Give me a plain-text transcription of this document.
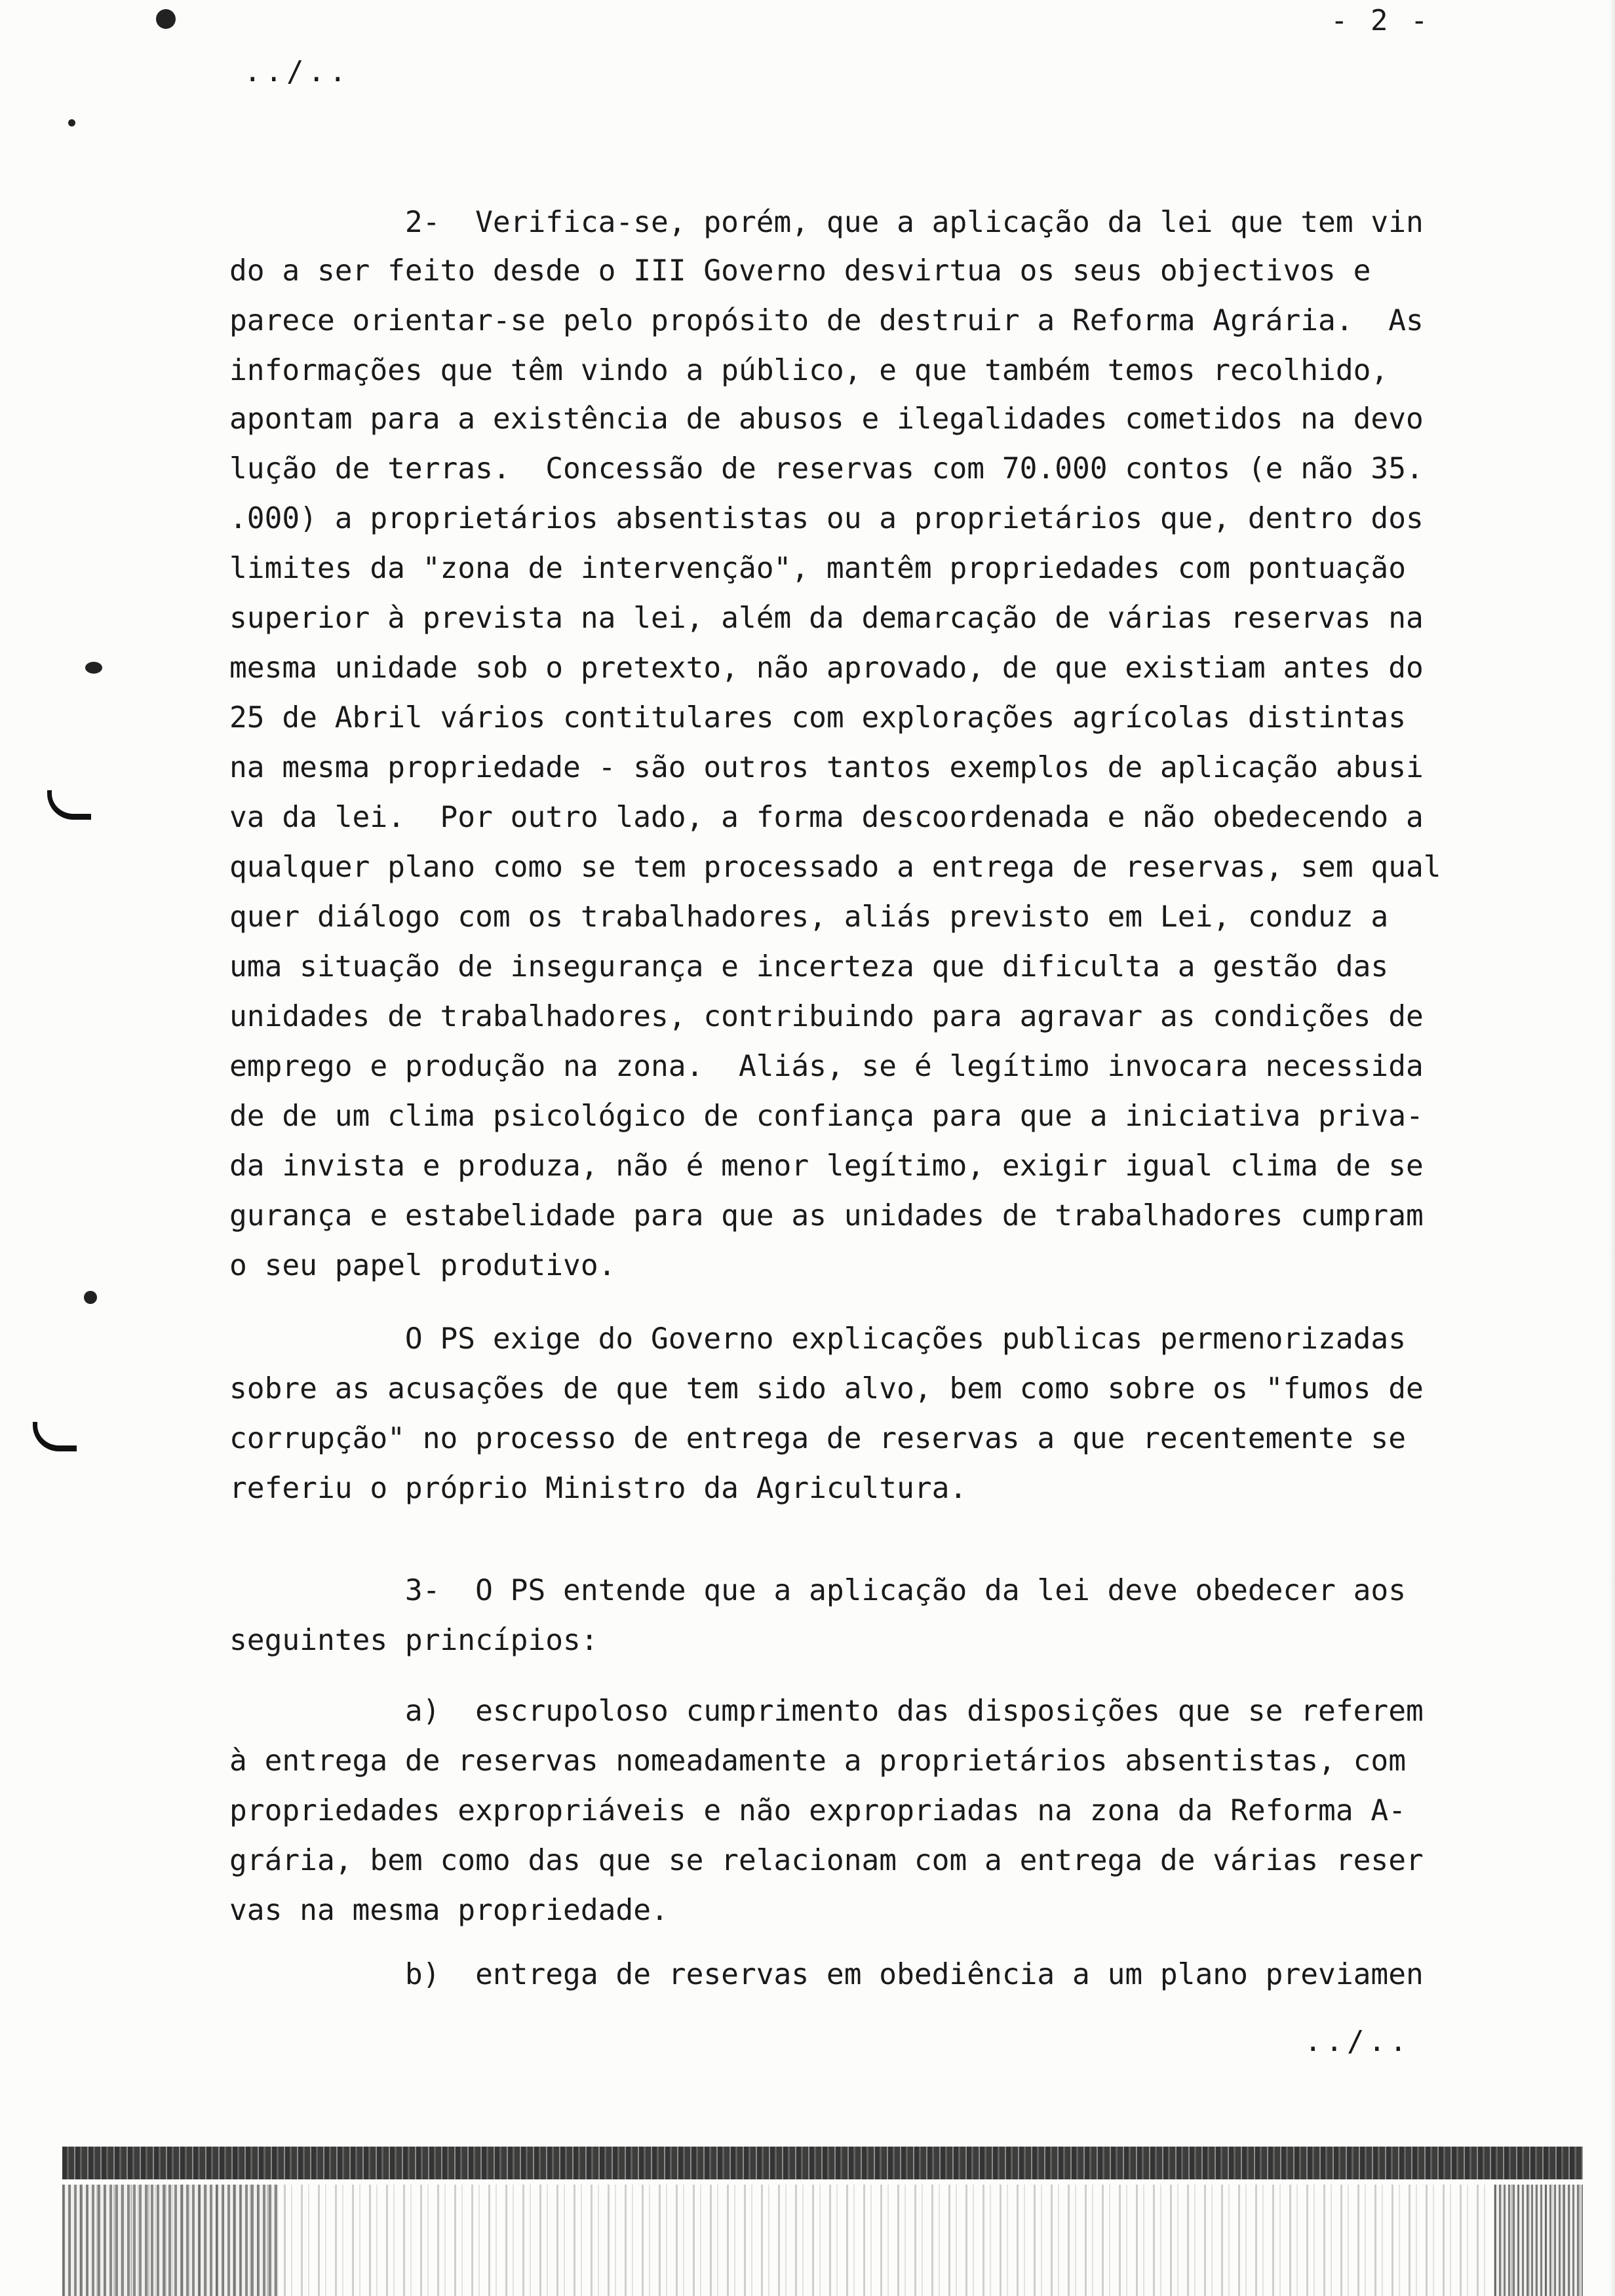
- 2 -
../..
2-  Verifica-se, porém, que a aplicação da lei que tem vin
do a ser feito desde o III Governo desvirtua os seus objectivos e
parece orientar-se pelo propósito de destruir a Reforma Agrária.  As
informações que têm vindo a público, e que também temos recolhido,
apontam para a existência de abusos e ilegalidades cometidos na devo
lução de terras.  Concessão de reservas com 70.000 contos (e não 35.
.000) a proprietários absentistas ou a proprietários que, dentro dos
limites da "zona de intervenção", mantêm propriedades com pontuação
superior à prevista na lei, além da demarcação de várias reservas na
mesma unidade sob o pretexto, não aprovado, de que existiam antes do
25 de Abril vários contitulares com explorações agrícolas distintas
na mesma propriedade - são outros tantos exemplos de aplicação abusi
va da lei.  Por outro lado, a forma descoordenada e não obedecendo a
qualquer plano como se tem processado a entrega de reservas, sem qual
quer diálogo com os trabalhadores, aliás previsto em Lei, conduz a
uma situação de insegurança e incerteza que dificulta a gestão das
unidades de trabalhadores, contribuindo para agravar as condições de
emprego e produção na zona.  Aliás, se é legítimo invocara necessida
de de um clima psicológico de confiança para que a iniciativa priva-
da invista e produza, não é menor legítimo, exigir igual clima de se
gurança e estabelidade para que as unidades de trabalhadores cumpram
o seu papel produtivo.
O PS exige do Governo explicações publicas permenorizadas
sobre as acusações de que tem sido alvo, bem como sobre os "fumos de
corrupção" no processo de entrega de reservas a que recentemente se
referiu o próprio Ministro da Agricultura.
3-  O PS entende que a aplicação da lei deve obedecer aos
seguintes princípios:
a)  escrupoloso cumprimento das disposições que se referem
à entrega de reservas nomeadamente a proprietários absentistas, com
propriedades expropriáveis e não expropriadas na zona da Reforma A-
grária, bem como das que se relacionam com a entrega de várias reser
vas na mesma propriedade.
b)  entrega de reservas em obediência a um plano previamen
../..
